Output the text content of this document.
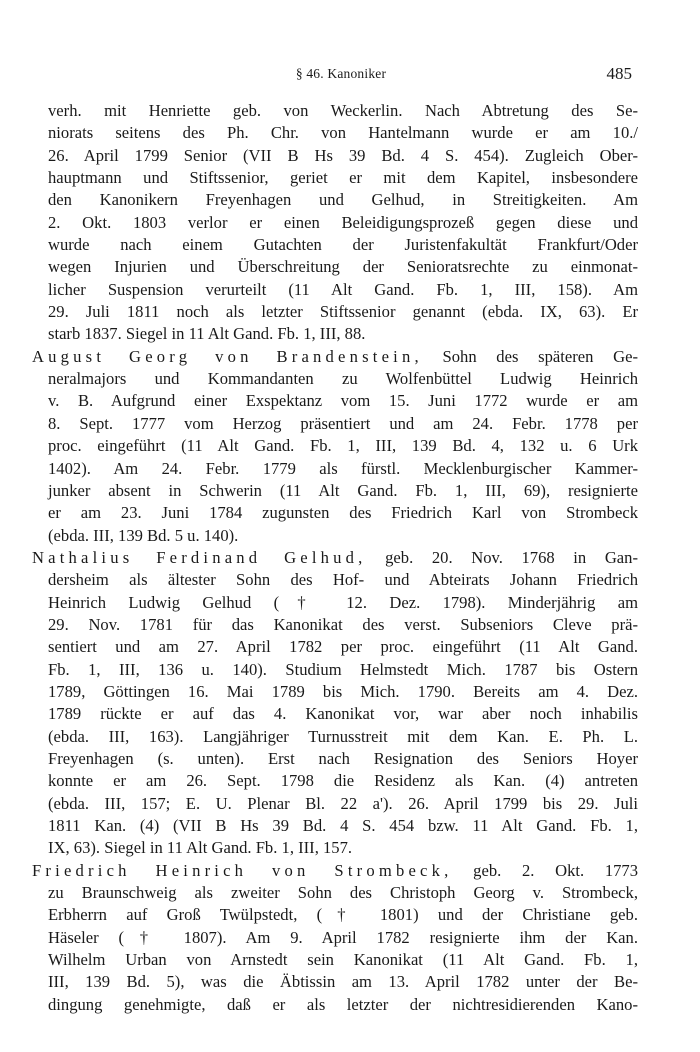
§ 46. Kanoniker	485
verh. mit Henriette geb. von Weckerlin. Nach Abtretung des Se-
niorats seitens des Ph. Chr. von Hantelmann wurde er am 10./
26. April 1799 Senior (VII B Hs 39 Bd. 4 S. 454). Zugleich Ober-
hauptmann und Stiftssenior, geriet er mit dem Kapitel, insbesondere
den Kanonikern Freyenhagen und Gelhud, in Streitigkeiten. Am
2. Okt. 1803 verlor er einen Beleidigungsprozeß gegen diese und
wurde nach einem Gutachten der Juristenfakultät Frankfurt/Oder
wegen Injurien und Überschreitung der Senioratsrechte zu einmonat-
licher Suspension verurteilt (11 Alt Gand. Fb. 1, III, 158). Am
29. Juli 1811 noch als letzter Stiftssenior genannt (ebda. IX, 63). Er
starb 1837. Siegel in 11 Alt Gand. Fb. 1, III, 88.
August Georg von Brandenstein, Sohn des späteren Ge-
neralmajors und Kommandanten zu Wolfenbüttel Ludwig Heinrich
v. B. Aufgrund einer Exspektanz vom 15. Juni 1772 wurde er am
8. Sept. 1777 vom Herzog präsentiert und am 24. Febr. 1778 per
proc. eingeführt (11 Alt Gand. Fb. 1, III, 139 Bd. 4, 132 u. 6 Urk
1402). Am 24. Febr. 1779 als fürstl. Mecklenburgischer Kammer-
junker absent in Schwerin (11 Alt Gand. Fb. 1, III, 69), resignierte
er am 23. Juni 1784 zugunsten des Friedrich Karl von Strombeck
(ebda. III, 139 Bd. 5 u. 140).
Nathalius Ferdinand Gelhud, geb. 20. Nov. 1768 in Gan-
dersheim als ältester Sohn des Hof- und Abteirats Johann Friedrich
Heinrich Ludwig Gelhud († 12. Dez. 1798). Minderjährig am
29. Nov. 1781 für das Kanonikat des verst. Subseniors Cleve prä-
sentiert und am 27. April 1782 per proc. eingeführt (11 Alt Gand.
Fb. 1, III, 136 u. 140). Studium Helmstedt Mich. 1787 bis Ostern
1789, Göttingen 16. Mai 1789 bis Mich. 1790. Bereits am 4. Dez.
1789 rückte er auf das 4. Kanonikat vor, war aber noch inhabilis
(ebda. III, 163). Langjähriger Turnusstreit mit dem Kan. E. Ph. L.
Freyenhagen (s. unten). Erst nach Resignation des Seniors Hoyer
konnte er am 26. Sept. 1798 die Residenz als Kan. (4) antreten
(ebda. III, 157; E. U. Plenar Bl. 22 a'). 26. April 1799 bis 29. Juli
1811 Kan. (4) (VII B Hs 39 Bd. 4 S. 454 bzw. 11 Alt Gand. Fb. 1,
IX, 63). Siegel in 11 Alt Gand. Fb. 1, III, 157.
Friedrich Heinrich von Strombeck, geb. 2. Okt. 1773
zu Braunschweig als zweiter Sohn des Christoph Georg v. Strombeck,
Erbherrn auf Groß Twülpstedt, († 1801) und der Christiane geb.
Häseler († 1807). Am 9. April 1782 resignierte ihm der Kan.
Wilhelm Urban von Arnstedt sein Kanonikat (11 Alt Gand. Fb. 1,
III, 139 Bd. 5), was die Äbtissin am 13. April 1782 unter der Be-
dingung genehmigte, daß er als letzter der nichtresidierenden Kano-
